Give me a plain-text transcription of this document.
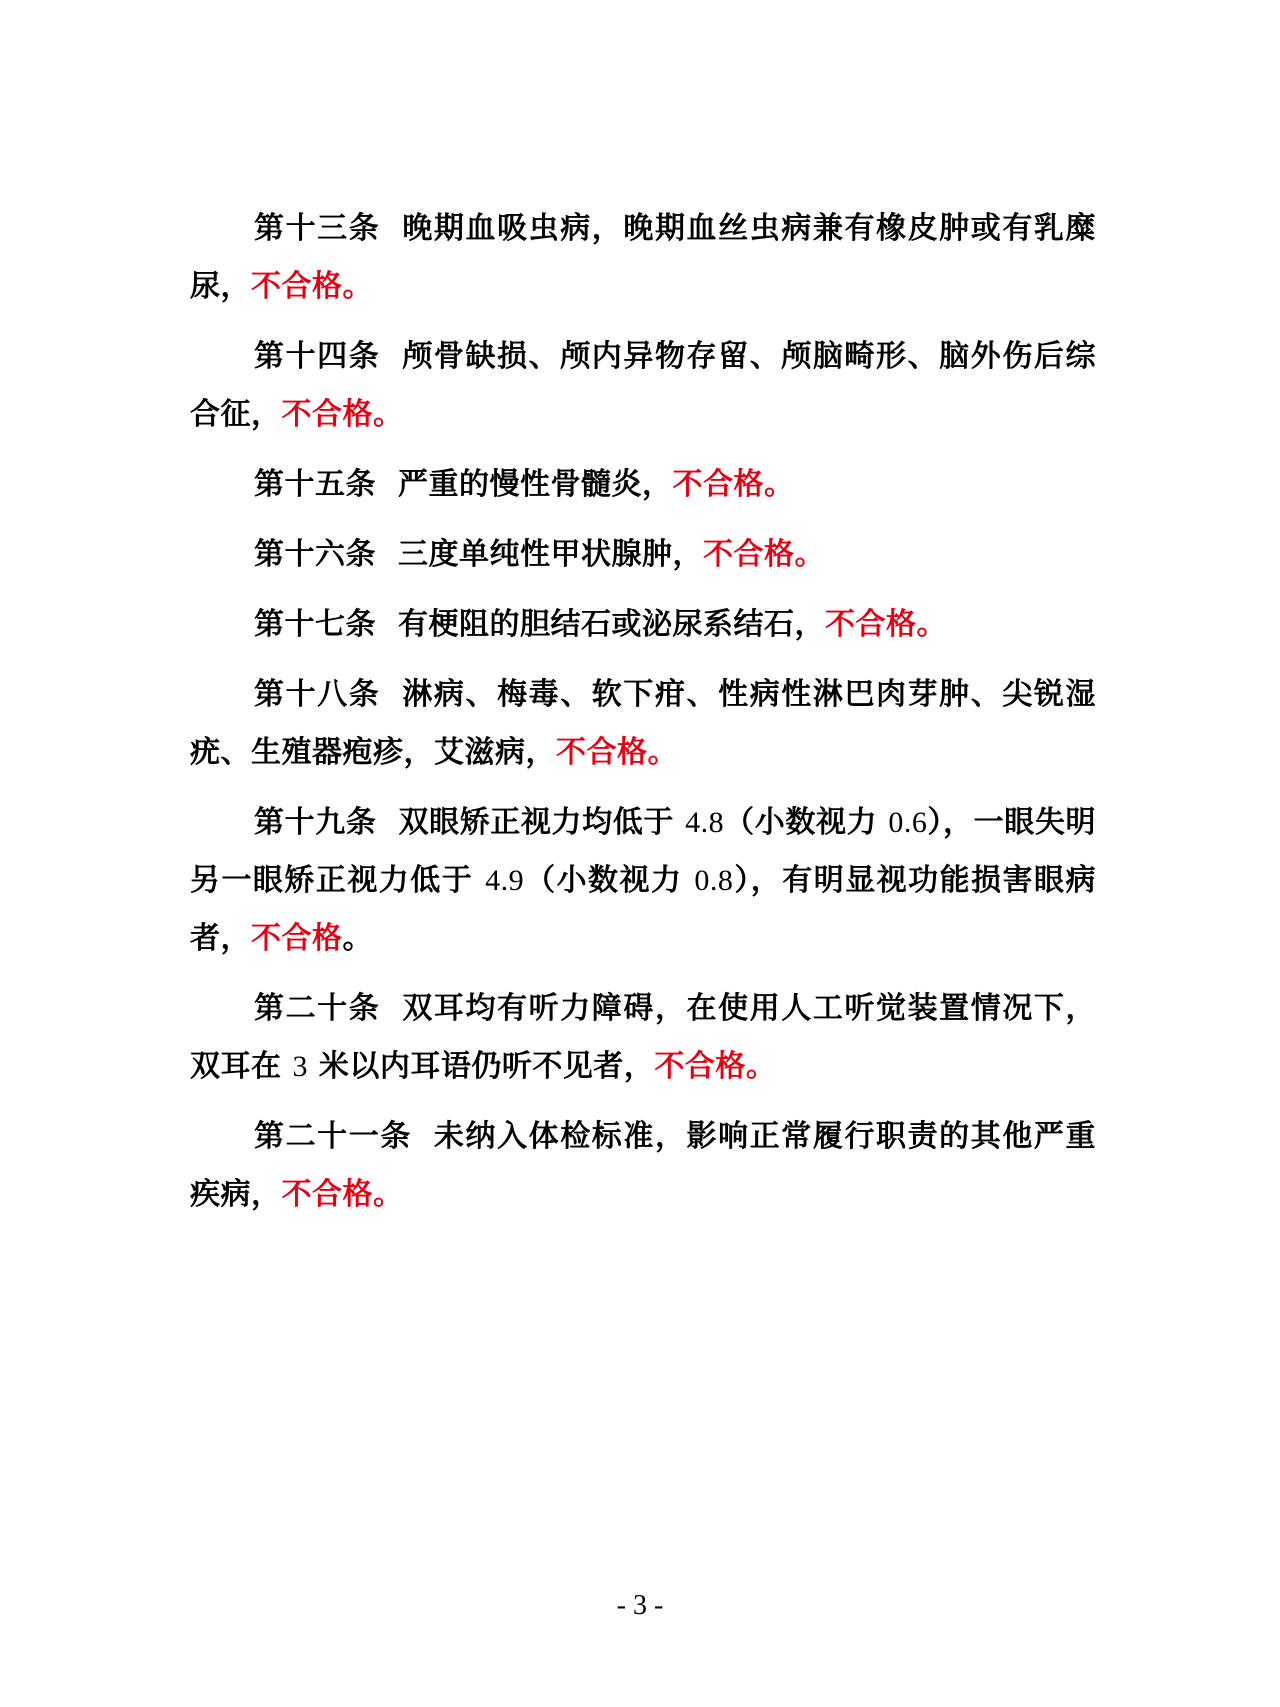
第十三条 晚期血吸虫病，晚期血丝虫病兼有橡皮肿或有乳糜尿，不合格。

第十四条 颅骨缺损、颅内异物存留、颅脑畸形、脑外伤后综合征，不合格。

第十五条 严重的慢性骨髓炎，不合格。

第十六条 三度单纯性甲状腺肿，不合格。

第十七条 有梗阻的胆结石或泌尿系结石，不合格。

第十八条 淋病、梅毒、软下疳、性病性淋巴肉芽肿、尖锐湿疣、生殖器疱疹，艾滋病，不合格。

第十九条 双眼矫正视力均低于 4.8（小数视力 0.6），一眼失明另一眼矫正视力低于 4.9（小数视力 0.8），有明显视功能损害眼病者，不合格。

第二十条 双耳均有听力障碍，在使用人工听觉装置情况下，双耳在 3 米以内耳语仍听不见者，不合格。

第二十一条 未纳入体检标准，影响正常履行职责的其他严重疾病，不合格。

- 3 -
